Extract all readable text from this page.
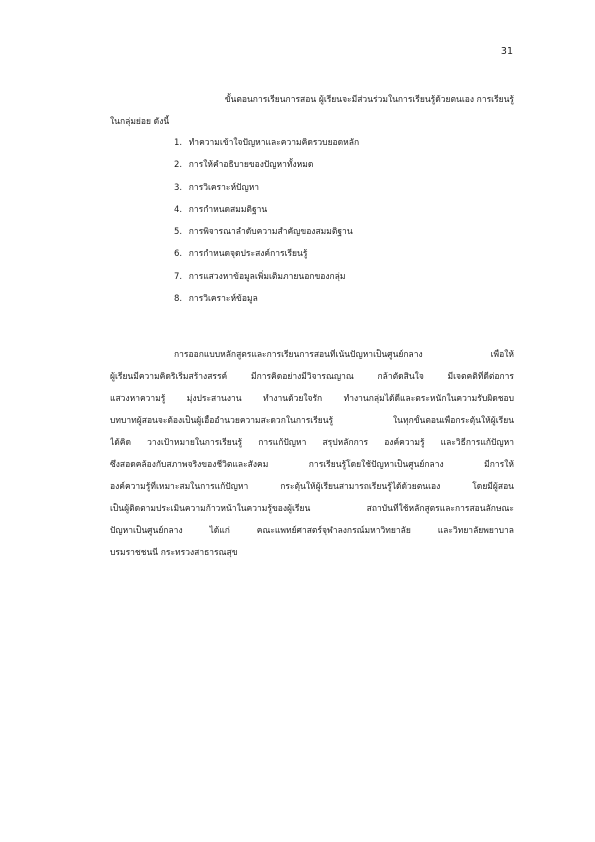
31
ขั้นตอนการเรียนการสอน ผู้เรียนจะมีส่วนร่วมในการเรียนรู้ด้วยตนเอง การเรียนรู้
ในกลุ่มย่อย ดังนี้
1. ทำความเข้าใจปัญหาและความคิดรวบยอดหลัก
2. การให้คำอธิบายของปัญหาทั้งหมด
3. การวิเคราะห์ปัญหา
4. การกำหนดสมมติฐาน
5. การพิจารณาลำดับความสำคัญของสมมติฐาน
6. การกำหนดจุดประสงค์การเรียนรู้
7. การแสวงหาข้อมูลเพิ่มเติมภายนอกของกลุ่ม
8. การวิเคราะห์ข้อมูล
การออกแบบหลักสูตรและการเรียนการสอนที่เน้นปัญหาเป็นศูนย์กลาง เพื่อให้
ผู้เรียนมีความคิดริเริ่มสร้างสรรค์ มีการคิดอย่างมีวิจารณญาณ กล้าตัดสินใจ มีเจตคติที่ดีต่อการ
แสวงหาความรู้ มุ่งประสานงาน ทำงานด้วยใจรัก ทำงานกลุ่มได้ดีและตระหนักในความรับผิดชอบ
บทบาทผู้สอนจะต้องเป็นผู้เอื้ออำนวยความสะดวกในการเรียนรู้ ในทุกขั้นตอนเพื่อกระตุ้นให้ผู้เรียน
ได้คิด วางเป้าหมายในการเรียนรู้ การแก้ปัญหา สรุปหลักการ องค์ความรู้ และวิธีการแก้ปัญหา
ซึ่งสอดคล้องกับสภาพจริงของชีวิตและสังคม การเรียนรู้โดยใช้ปัญหาเป็นศูนย์กลาง มีการให้
องค์ความรู้ที่เหมาะสมในการแก้ปัญหา กระตุ้นให้ผู้เรียนสามารถเรียนรู้ได้ด้วยตนเอง โดยมีผู้สอน
เป็นผู้ติดตามประเมินความก้าวหน้าในความรู้ของผู้เรียน สถาบันที่ใช้หลักสูตรและการสอนลักษณะ
ปัญหาเป็นศูนย์กลาง ได้แก่ คณะแพทย์ศาสตร์จุฬาลงกรณ์มหาวิทยาลัย และวิทยาลัยพยาบาล
บรมราชชนนี กระทรวงสาธารณสุข
